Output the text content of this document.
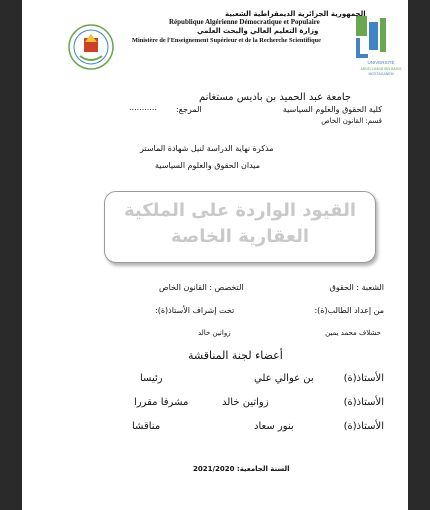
UNIVERSITÉ
ABDELHAMID IBN BADIS
MOSTAGANEM
الجمهورية الجزائرية الديمقراطية الشعبية
République Algérienne Démocratique et Populaire
وزارة التعليم العالي والبحث العلمي
Ministère de l'Enseignement Supérieur et de la Recherche Scientifique
جامعة عبد الحميد بن باديس مستغانم
كلية الحقوق والعلوم السياسية
المرجع:
...........
قسم: القانون الخاص
مذكرة نهاية الدراسة لنيل شهادة الماستر
ميدان الحقوق والعلوم السياسية
القيود الواردة على الملكية
العقارية الخاصة
الشعبة : الحقوق
التخصص : القانون الخاص
من إعداد الطالب(ة):
تحت إشراف الأستاذ(ة):
حشلاف محمد يمين
زواتين خالد
أعضاء لجنة المناقشة
الأستاذ(ة)
بن عوالي علي
رئيسا
الأستاذ(ة)
زواتين خالد
مشرفا مقررا
الأستاذ(ة)
بنور سعاد
مناقشا
السنة الجامعية: 2021/2020
